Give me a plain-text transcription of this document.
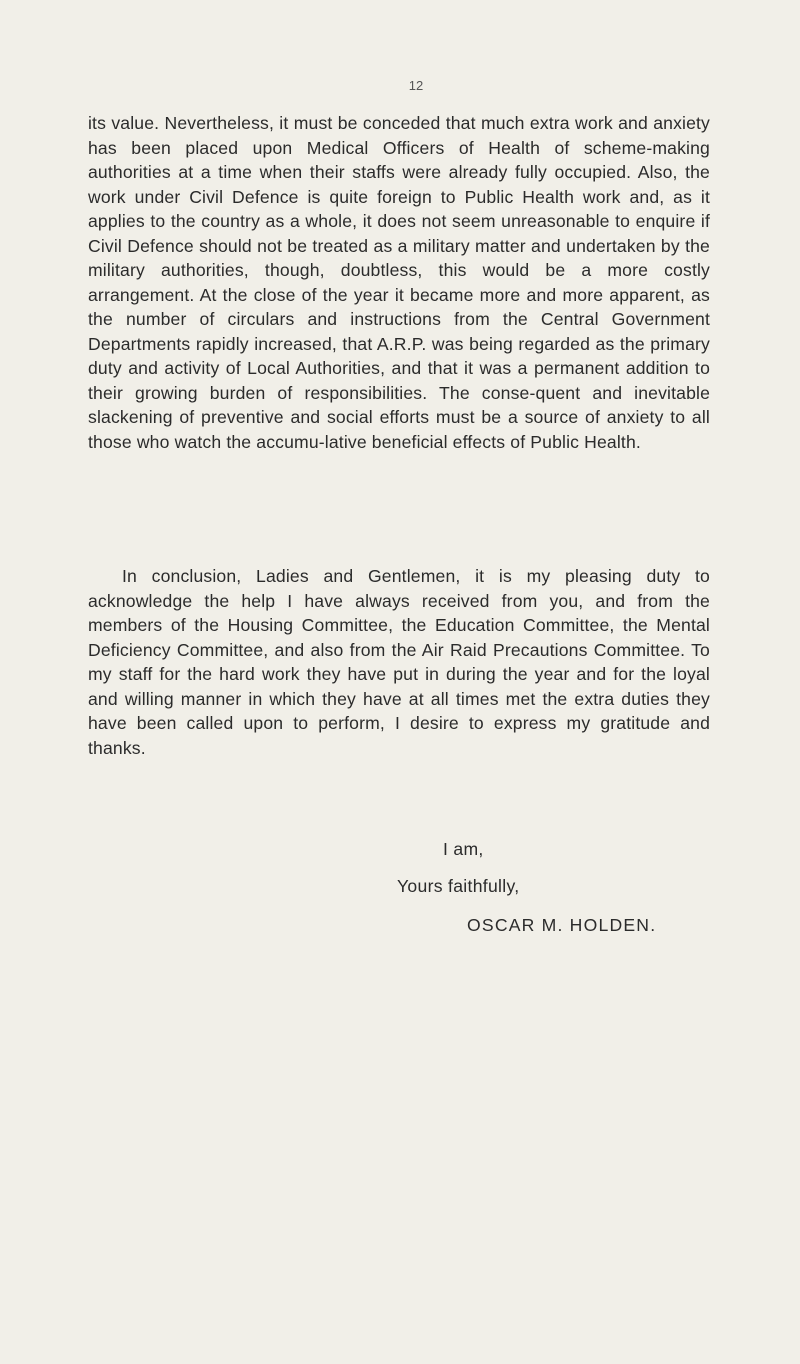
12

its value. Nevertheless, it must be conceded that much extra work and anxiety has been placed upon Medical Officers of Health of scheme-making authorities at a time when their staffs were already fully occupied. Also, the work under Civil Defence is quite foreign to Public Health work and, as it applies to the country as a whole, it does not seem unreasonable to enquire if Civil Defence should not be treated as a military matter and undertaken by the military authorities, though, doubtless, this would be a more costly arrangement. At the close of the year it became more and more apparent, as the number of circulars and instructions from the Central Government Departments rapidly increased, that A.R.P. was being regarded as the primary duty and activity of Local Authorities, and that it was a permanent addition to their growing burden of responsibilities. The conse-quent and inevitable slackening of preventive and social efforts must be a source of anxiety to all those who watch the accumu-lative beneficial effects of Public Health.

In conclusion, Ladies and Gentlemen, it is my pleasing duty to acknowledge the help I have always received from you, and from the members of the Housing Committee, the Education Committee, the Mental Deficiency Committee, and also from the Air Raid Precautions Committee. To my staff for the hard work they have put in during the year and for the loyal and willing manner in which they have at all times met the extra duties they have been called upon to perform, I desire to express my gratitude and thanks.

I am,

Yours faithfully,

OSCAR M. HOLDEN.
